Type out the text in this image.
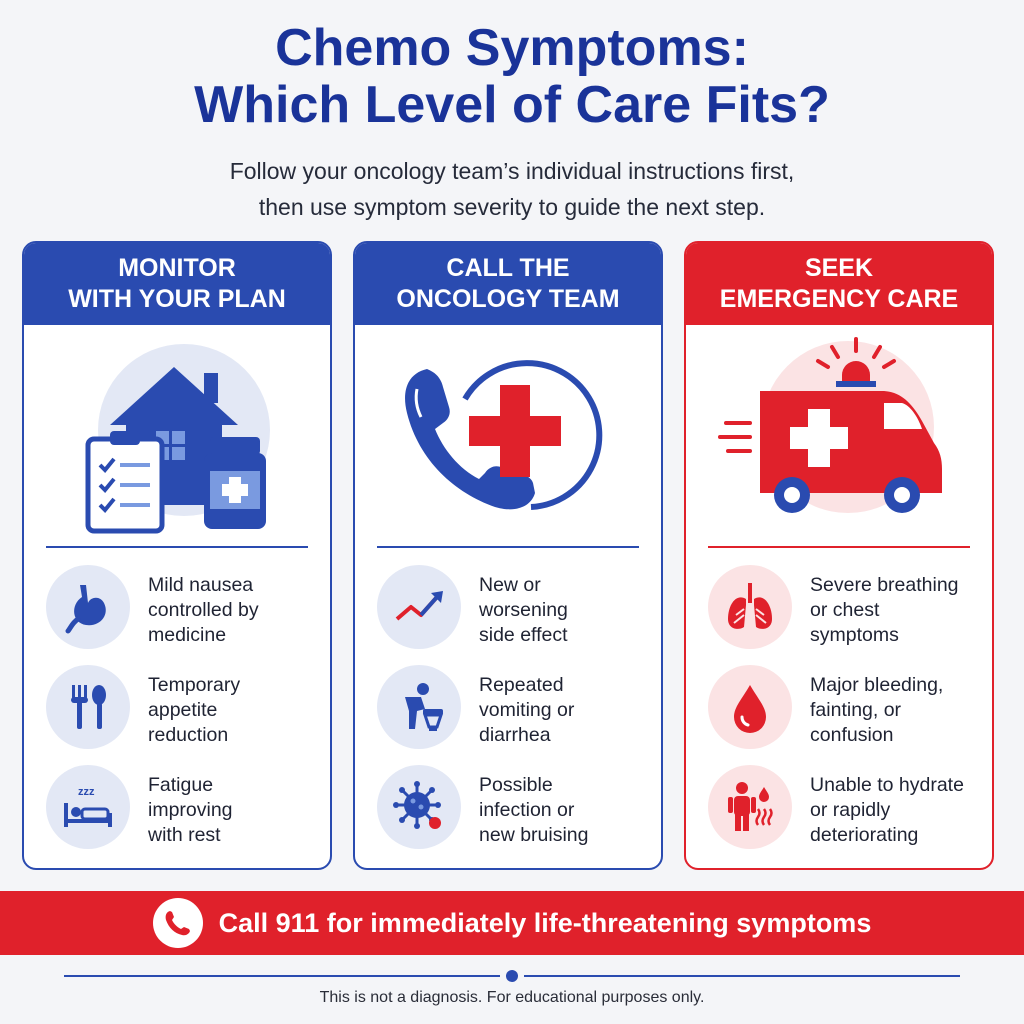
Chemo Symptoms:
Which Level of Care Fits?
Follow your oncology team’s individual instructions first,
then use symptom severity to guide the next step.
MONITOR
WITH YOUR PLAN
Mild nausea
controlled by
medicine
Temporary
appetite
reduction
zzz	Fatigue
improving
with rest
CALL THE
ONCOLOGY TEAM
New or
worsening
side effect
Repeated
vomiting or
diarrhea
Possible
infection or
new bruising
SEEK
EMERGENCY CARE
Severe breathing
or chest
symptoms
Major bleeding,
fainting, or
confusion
Unable to hydrate
or rapidly
deteriorating
Call 911 for immediately life-threatening symptoms
This is not a diagnosis. For educational purposes only.
